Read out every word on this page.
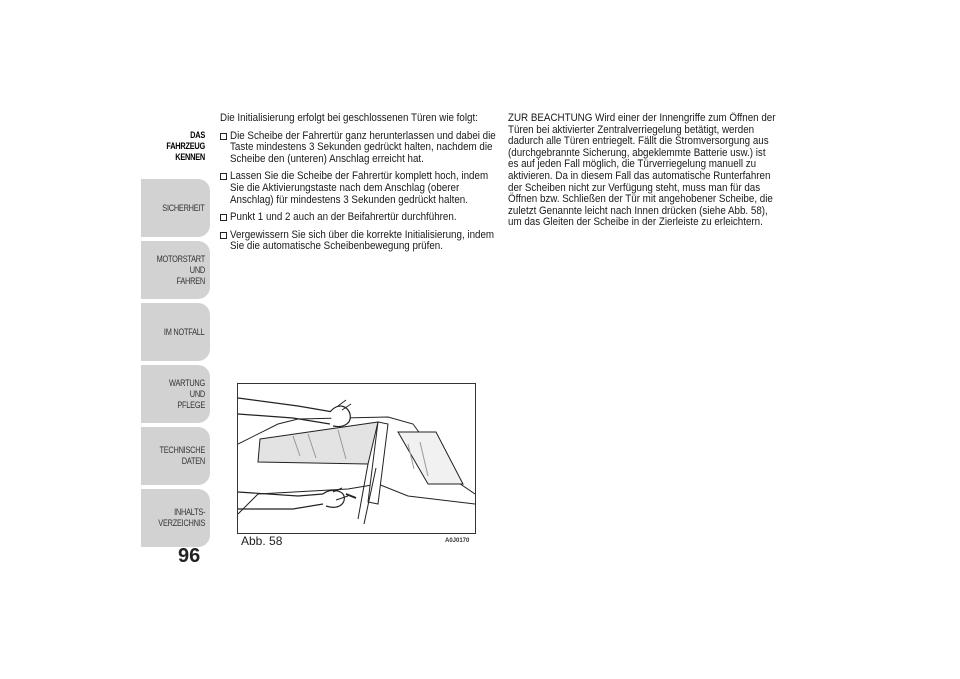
DAS FAHRZEUG
KENNEN
SICHERHEIT
MOTORSTART UND
FAHREN
IM NOTFALL
WARTUNG UND
PFLEGE
TECHNISCHE DATEN
INHALTS-
VERZEICHNIS
96

Die Initialisierung erfolgt bei geschlossenen Türen wie folgt:

Die Scheibe der Fahrertür ganz herunterlassen und dabei die Taste mindestens 3 Sekunden gedrückt halten, nachdem die Scheibe den (unteren) Anschlag erreicht hat.
Lassen Sie die Scheibe der Fahrertür komplett hoch, indem Sie die Aktivierungstaste nach dem Anschlag (oberer Anschlag) für mindestens 3 Sekunden gedrückt halten.
Punkt 1 und 2 auch an der Beifahrertür durchführen.
Vergewissern Sie sich über die korrekte Initialisierung, indem Sie die automatische Scheibenbewegung prüfen.

ZUR BEACHTUNG Wird einer der Innengriffe zum Öffnen der Türen bei aktivierter Zentralverriegelung betätigt, werden dadurch alle Türen entriegelt. Fällt die Stromversorgung aus (durchgebrannte Sicherung, abgeklemmte Batterie usw.) ist es auf jeden Fall möglich, die Türverriegelung manuell zu aktivieren. Da in diesem Fall das automatische Runterfahren der Scheiben nicht zur Verfügung steht, muss man für das Öffnen bzw. Schließen der Tür mit angehobener Scheibe, die zuletzt Genannte leicht nach Innen drücken (siehe Abb. 58), um das Gleiten der Scheibe in der Zierleiste zu erleichtern.

Abb. 58	A0J0170
